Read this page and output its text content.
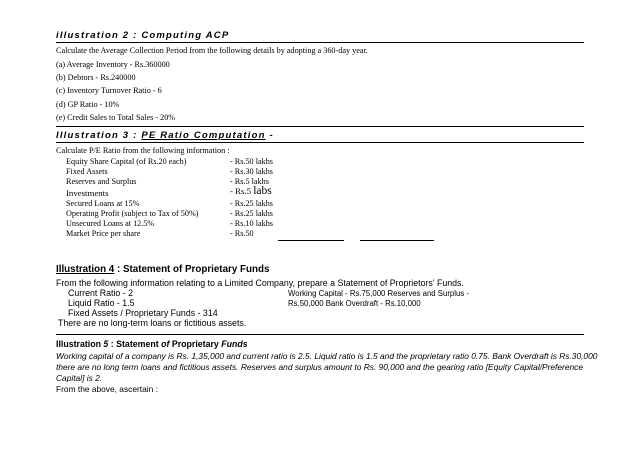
illustration 2 : Computing ACP
Calculate the Average Collection Period from the following details by adopting a 360-day year.
(a) Average Inventory - Rs.360000
(b) Debtors - Rs.240000
(c) Inventory Turnover Ratio - 6
(d) GP Ratio - 10%
(e) Credit Sales to Total Sales - 20%
Illustration 3 : PE Ratio Computation -
Calculate P/E Ratio from the following information :
Equity Share Capital (of Rs.20 each)	- Rs.50 lakhs
Fixed Assets	- Rs.30 lakhs
Reserves and Surplus	- Rs.5 lakhs
Investments	- Rs.5 labs
Secured Loans at 15%	- Rs.25 lakhs
Operating Profit (subject to Tax of 50%)	- Rs.25 lakhs
Unsecured Loans at 12.5%	- Rs.10 lakhs
Market Price per share	- Rs.50
Illustration 4 : Statement of Proprietary Funds
From the following information relating to a Limited Company, prepare a Statement of Proprietors' Funds.
Current Ratio - 2
Liquid Ratio - 1.5
Fixed Assets / Proprietary Funds - 314
Working Capital - Rs.75,000 Reserves and Surplus -
Rs.50,000 Bank Overdraft - Rs.10,000
There are no long-term loans or fictitious assets.
Illustration 5 : Statement of Proprietary Funds
Working capital of a company is Rs. 1,35,000 and current ratio is 2.5. Liquid ratio is 1.5 and the proprietary ratio 0.75. Bank Overdraft is Rs.30,000
there are no long term loans and fictitious assets. Reserves and surplus amount to Rs. 90,000 and the gearing ratio [Equity Capital/Preference
Capital] is 2.
From the above, ascertain :
